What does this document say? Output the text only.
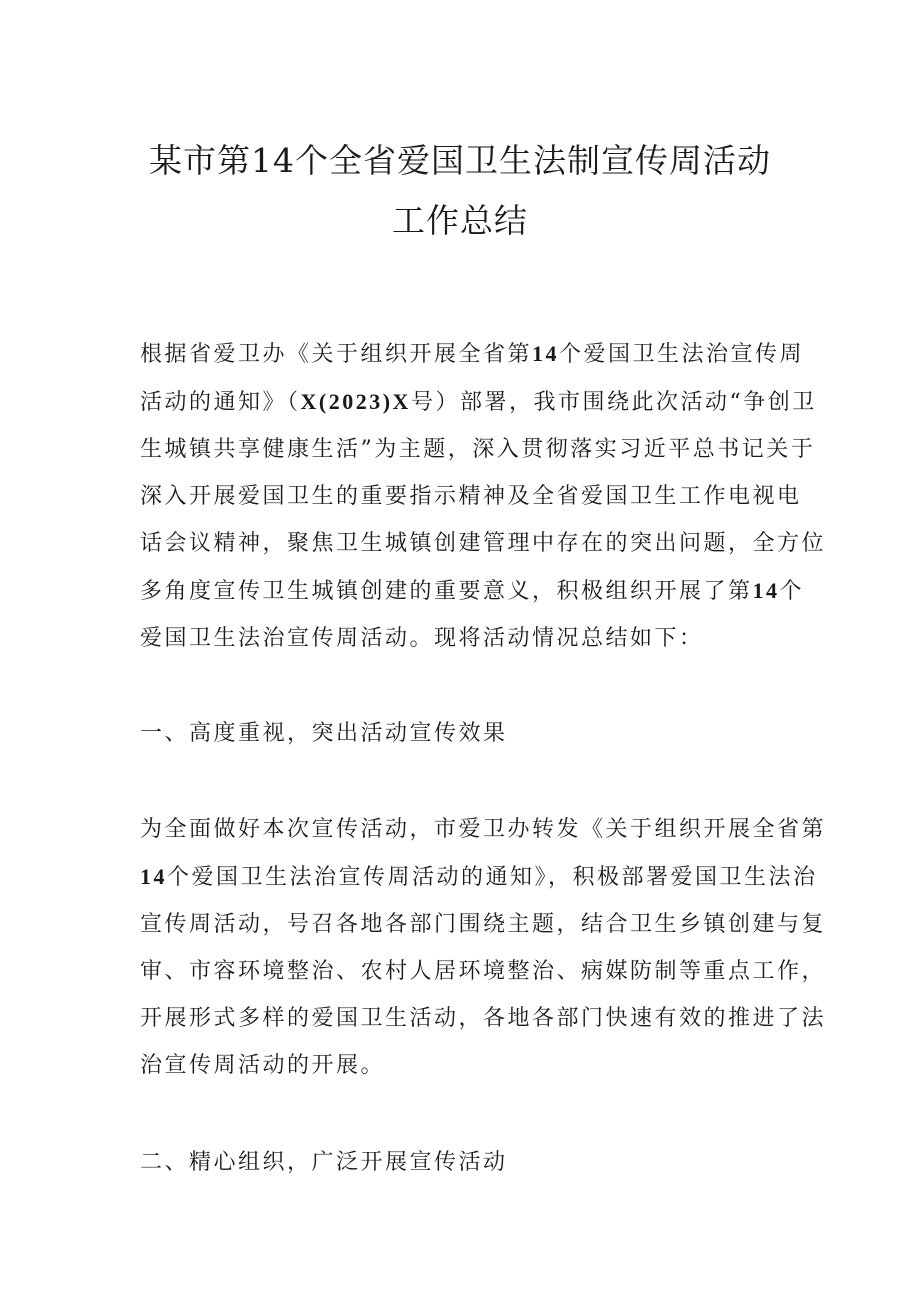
某市第14个全省爱国卫生法制宣传周活动
工作总结
根据省爱卫办《关于组织开展全省第14个爱国卫生法治宣传周
活动的通知》（X(2023)X号）部署，我市围绕此次活动“争创卫
生城镇共享健康生活”为主题，深入贯彻落实习近平总书记关于
深入开展爱国卫生的重要指示精神及全省爱国卫生工作电视电
话会议精神，聚焦卫生城镇创建管理中存在的突出问题，全方位
多角度宣传卫生城镇创建的重要意义，积极组织开展了第14个
爱国卫生法治宣传周活动。现将活动情况总结如下：
一、高度重视，突出活动宣传效果
为全面做好本次宣传活动，市爱卫办转发《关于组织开展全省第
14个爱国卫生法治宣传周活动的通知》，积极部署爱国卫生法治
宣传周活动，号召各地各部门围绕主题，结合卫生乡镇创建与复
审、市容环境整治、农村人居环境整治、病媒防制等重点工作，
开展形式多样的爱国卫生活动，各地各部门快速有效的推进了法
治宣传周活动的开展。
二、精心组织，广泛开展宣传活动
